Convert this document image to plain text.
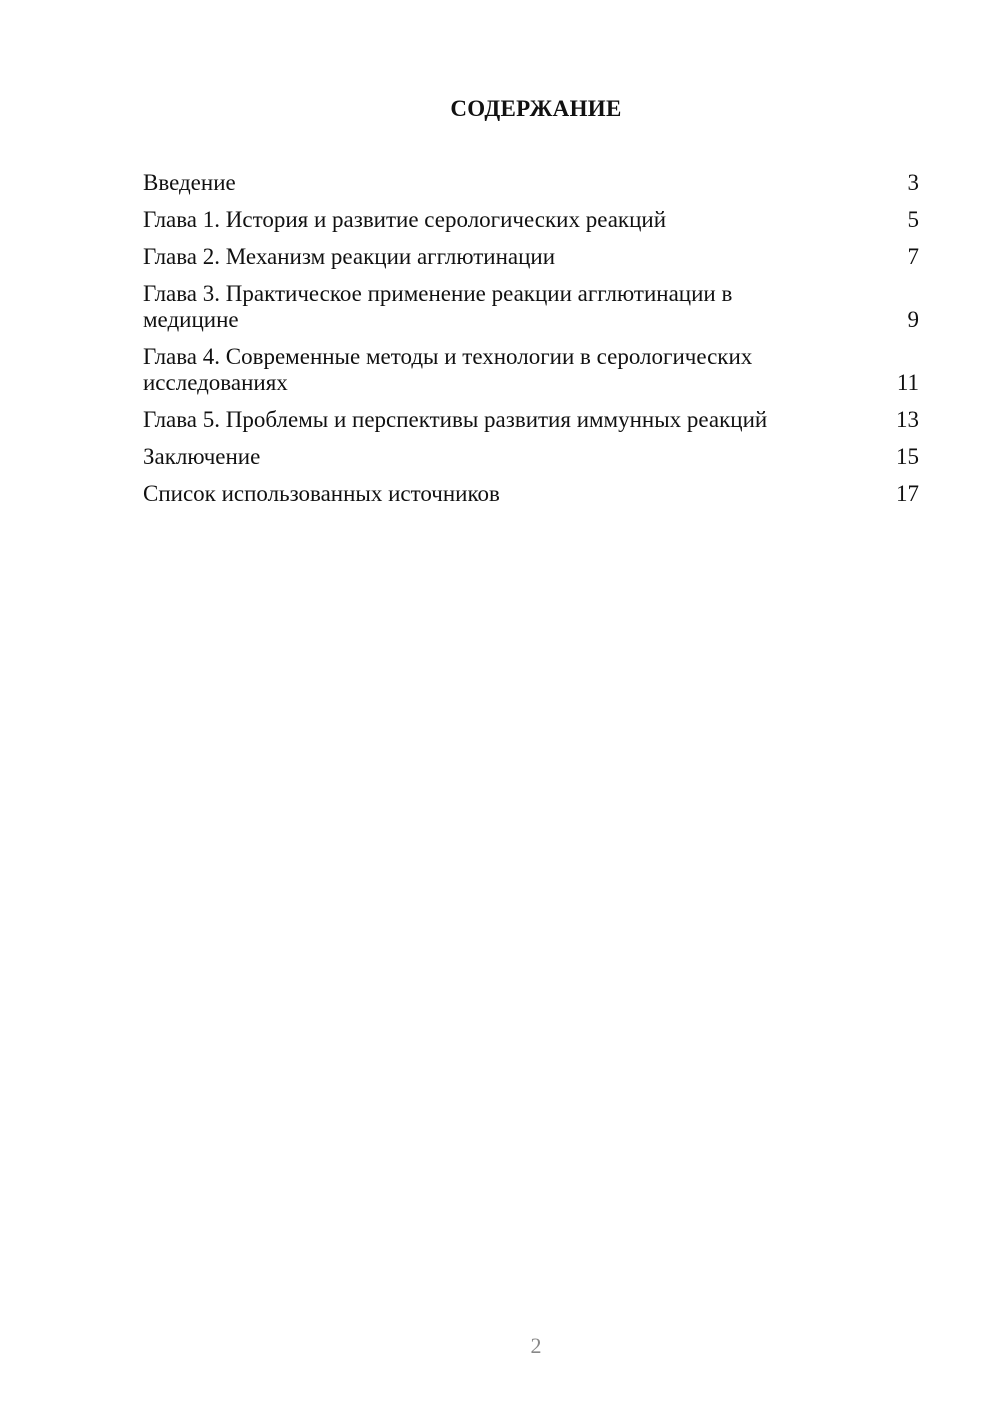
СОДЕРЖАНИЕ
Введение	3
Глава 1. История и развитие серологических реакций	5
Глава 2. Механизм реакции агглютинации	7
Глава 3. Практическое применение реакции агглютинации в медицине	9
Глава 4. Современные методы и технологии в серологических исследованиях	11
Глава 5. Проблемы и перспективы развития иммунных реакций	13
Заключение	15
Список использованных источников	17
2
